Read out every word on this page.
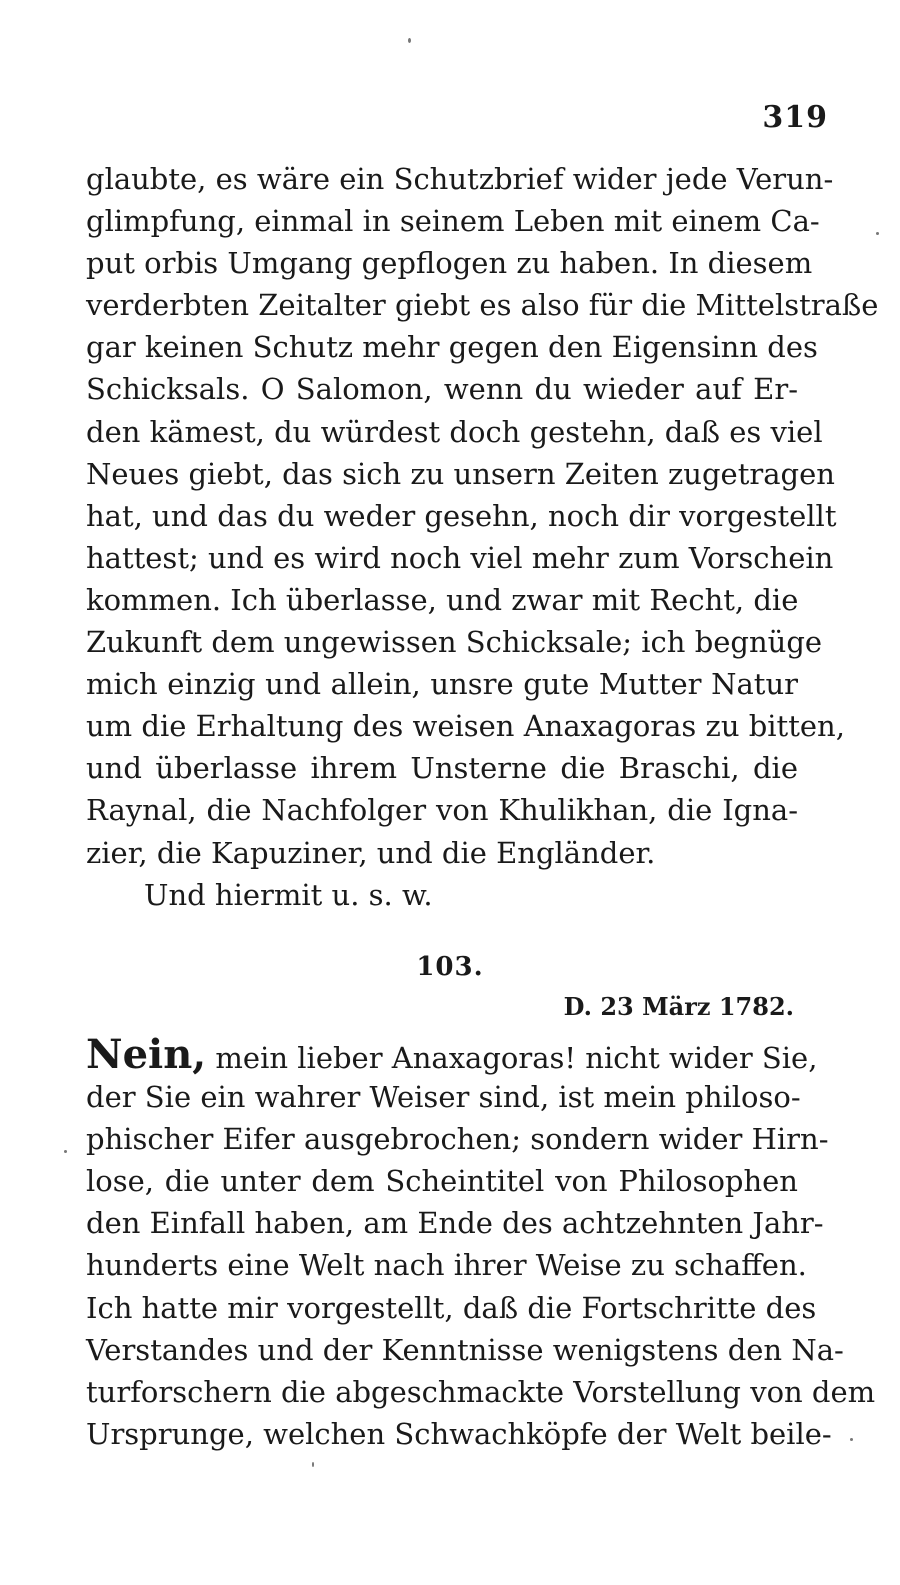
319
glaubte, es wäre ein Schutzbrief wider jede Verun-
glimpfung, einmal in seinem Leben mit einem Ca-
put orbis Umgang gepflogen zu haben. In diesem
verderbten Zeitalter giebt es also für die Mittelstraße
gar keinen Schutz mehr gegen den Eigensinn des
Schicksals. O Salomon, wenn du wieder auf Er-
den kämest, du würdest doch gestehn, daß es viel
Neues giebt, das sich zu unsern Zeiten zugetragen
hat, und das du weder gesehn, noch dir vorgestellt
hattest; und es wird noch viel mehr zum Vorschein
kommen. Ich überlasse, und zwar mit Recht, die
Zukunft dem ungewissen Schicksale; ich begnüge
mich einzig und allein, unsre gute Mutter Natur
um die Erhaltung des weisen Anaxagoras zu bitten,
und überlasse ihrem Unsterne die Braschi, die
Raynal, die Nachfolger von Khulikhan, die Ignа-
zier, die Kapuziner, und die Engländer.
Und hiermit u. s. w.
103.
D. 23 März 1782.
Nein, mein lieber Anaxagoras! nicht wider Sie,
der Sie ein wahrer Weiser sind, ist mein philoso-
phischer Eifer ausgebrochen; sondern wider Hirn-
lose, die unter dem Scheintitel von Philosophen
den Einfall haben, am Ende des achtzehnten Jahr-
hunderts eine Welt nach ihrer Weise zu schaffen.
Ich hatte mir vorgestellt, daß die Fortschritte des
Verstandes und der Kenntnisse wenigstens den Na-
turforschern die abgeschmackte Vorstellung von dem
Ursprunge, welchen Schwachköpfe der Welt beile-
